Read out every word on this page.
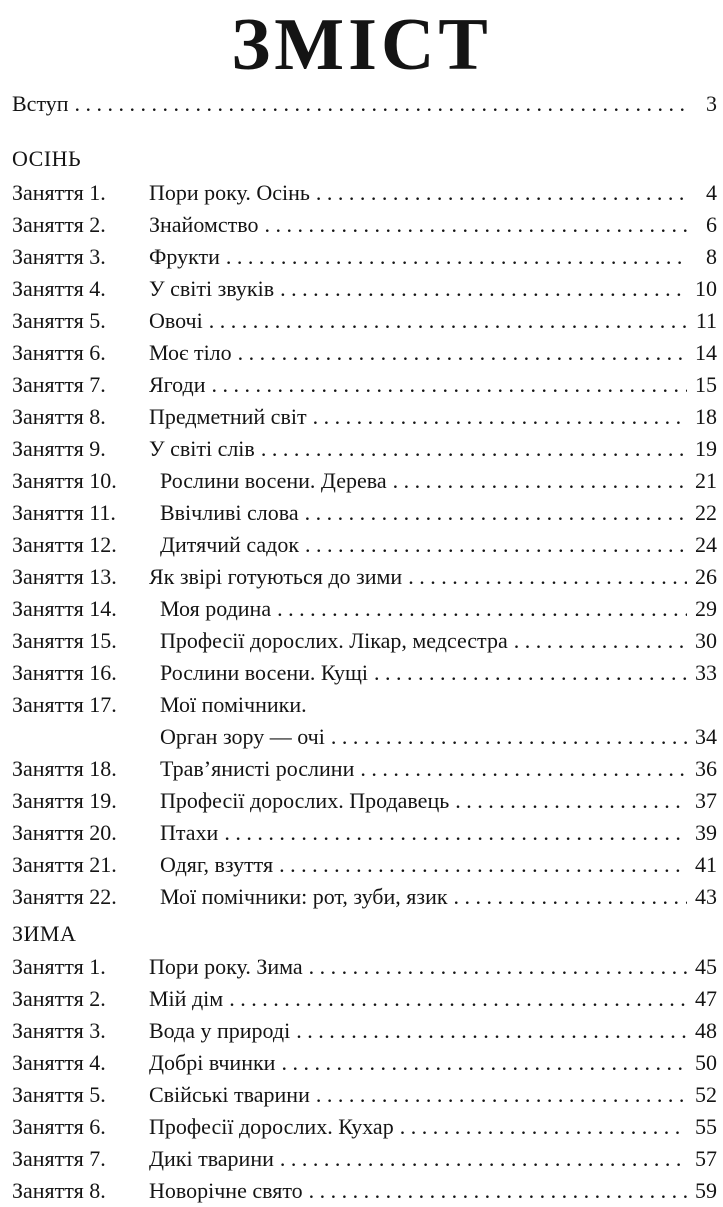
ЗМІСТ
Вступ . . .	3
ОСІНЬ
Заняття 1.	Пори року. Осінь . . .	4
Заняття 2.	Знайомство . . .	6
Заняття 3.	Фрукти . . .	8
Заняття 4.	У світі звуків . . .	10
Заняття 5.	Овочі . . .	11
Заняття 6.	Моє тіло . . .	14
Заняття 7.	Ягоди . . .	15
Заняття 8.	Предметний світ . . .	18
Заняття 9.	У світі слів . . .	19
Заняття 10.	Рослини восени. Дерева . . .	21
Заняття 11.	Ввічливі слова . . .	22
Заняття 12.	Дитячий садок . . .	24
Заняття 13.	Як звірі готуються до зими . . .	26
Заняття 14.	Моя родина . . .	29
Заняття 15.	Професії дорослих. Лікар, медсестра . . .	30
Заняття 16.	Рослини восени. Кущі . . .	33
Заняття 17.	Мої помічники.
Орган зору — очі . . .	34
Заняття 18.	Трав’янисті рослини . . .	36
Заняття 19.	Професії дорослих. Продавець . . .	37
Заняття 20.	Птахи . . .	39
Заняття 21.	Одяг, взуття . . .	41
Заняття 22.	Мої помічники: рот, зуби, язик . . .	43
ЗИМА
Заняття 1.	Пори року. Зима . . .	45
Заняття 2.	Мій дім . . .	47
Заняття 3.	Вода у природі . . .	48
Заняття 4.	Добрі вчинки . . .	50
Заняття 5.	Свійські тварини . . .	52
Заняття 6.	Професії дорослих. Кухар . . .	55
Заняття 7.	Дикі тварини . . .	57
Заняття 8.	Новорічне свято . . .	59
